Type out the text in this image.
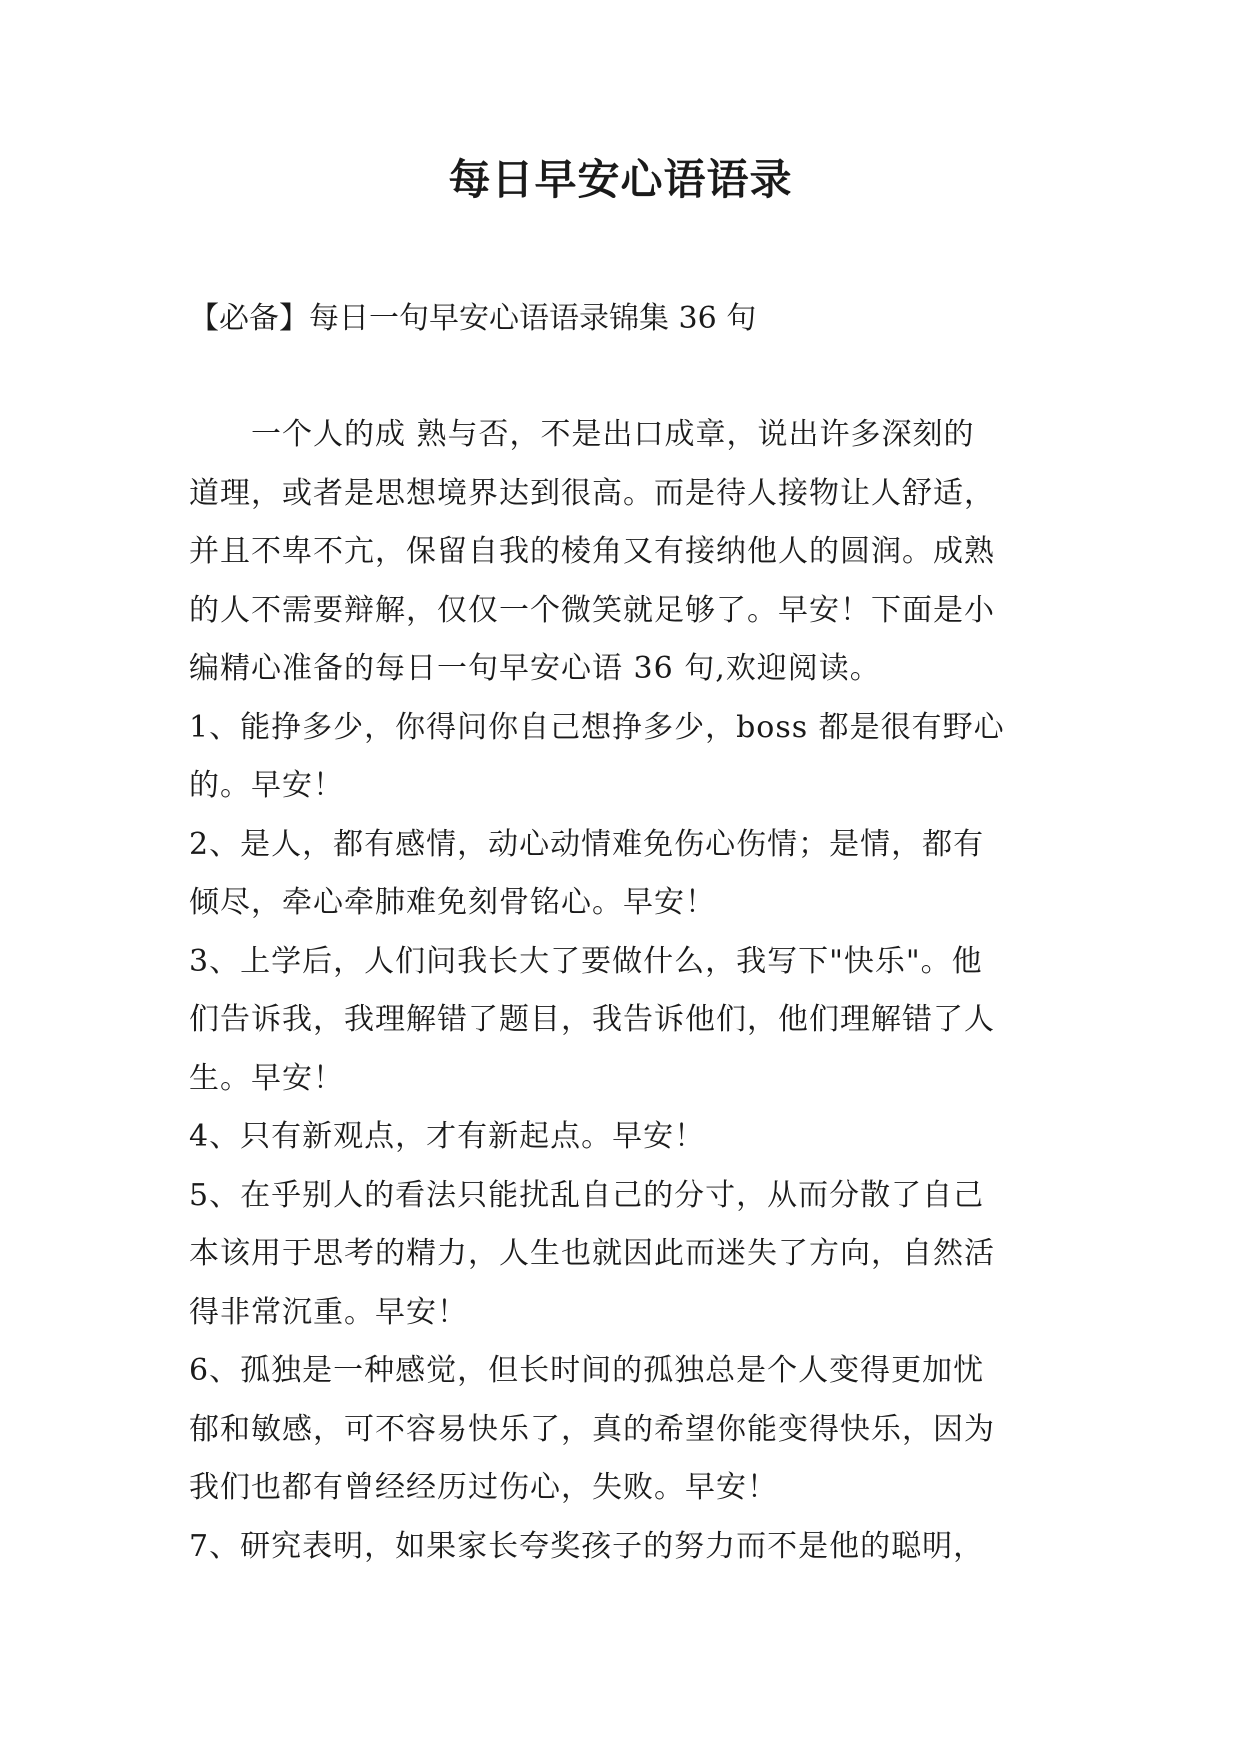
每日早安心语语录
【必备】每日一句早安心语语录锦集 36 句
　　一个人的成 熟与否，不是出口成章，说出许多深刻的
道理，或者是思想境界达到很高。而是待人接物让人舒适，
并且不卑不亢，保留自我的棱角又有接纳他人的圆润。成熟
的人不需要辩解，仅仅一个微笑就足够了。早安！下面是小
编精心准备的每日一句早安心语 36 句,欢迎阅读。
1、能挣多少，你得问你自己想挣多少，boss 都是很有野心
的。早安！
2、是人，都有感情，动心动情难免伤心伤情；是情，都有
倾尽，牵心牵肺难免刻骨铭心。早安！
3、上学后，人们问我长大了要做什么，我写下"快乐"。他
们告诉我，我理解错了题目，我告诉他们，他们理解错了人
生。早安！
4、只有新观点，才有新起点。早安！
5、在乎别人的看法只能扰乱自己的分寸，从而分散了自己
本该用于思考的精力，人生也就因此而迷失了方向，自然活
得非常沉重。早安！
6、孤独是一种感觉，但长时间的孤独总是个人变得更加忧
郁和敏感，可不容易快乐了，真的希望你能变得快乐，因为
我们也都有曾经经历过伤心，失败。早安！
7、研究表明，如果家长夸奖孩子的努力而不是他的聪明，
